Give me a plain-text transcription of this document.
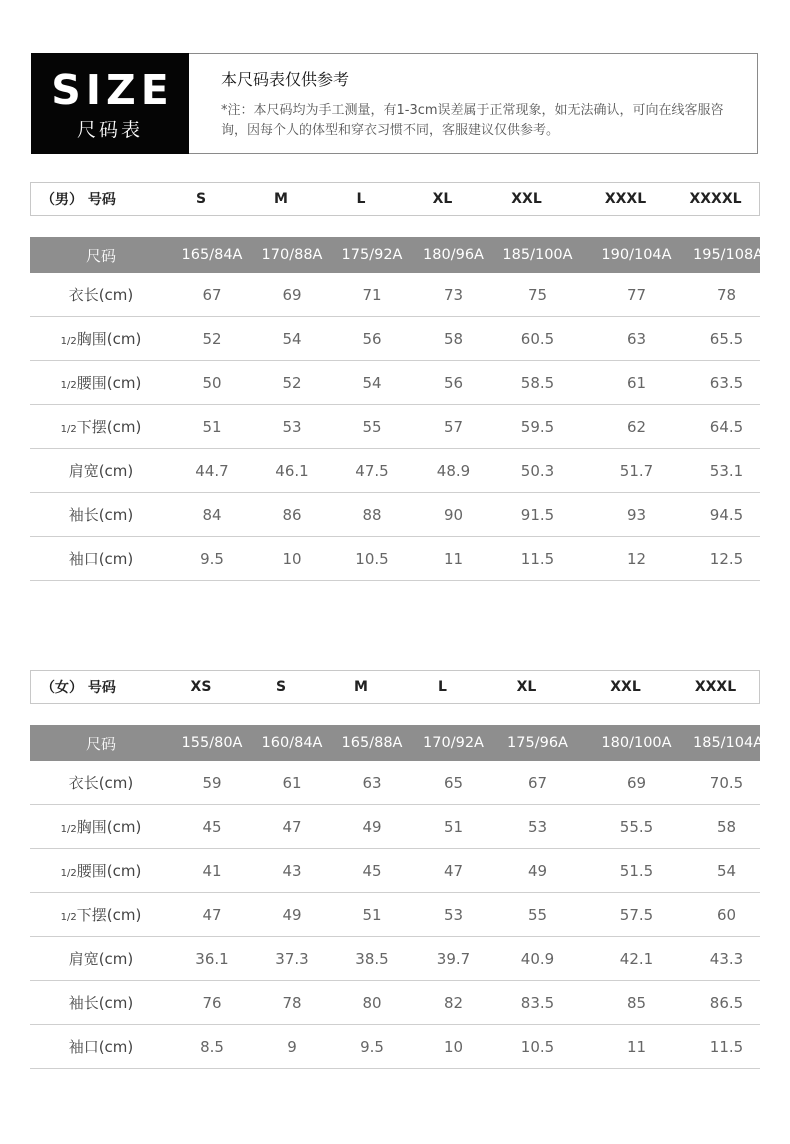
SIZE
尺码表
本尺码表仅供参考
*注：本尺码均为手工测量，有1-3cm误差属于正常现象，如无法确认，可向在线客服咨询，因每个人的体型和穿衣习惯不同，客服建议仅供参考。
（男） 号码	S	M	L	XL	XXL	XXXL	XXXXL
尺码	165/84A	170/88A	175/92A	180/96A	185/100A	190/104A	195/108A
衣长(cm)	67	69	71	73	75	77	78
1/2胸围(cm)	52	54	56	58	60.5	63	65.5
1/2腰围(cm)	50	52	54	56	58.5	61	63.5
1/2下摆(cm)	51	53	55	57	59.5	62	64.5
肩宽(cm)	44.7	46.1	47.5	48.9	50.3	51.7	53.1
袖长(cm)	84	86	88	90	91.5	93	94.5
袖口(cm)	9.5	10	10.5	11	11.5	12	12.5
（女） 号码	XS	S	M	L	XL	XXL	XXXL
尺码	155/80A	160/84A	165/88A	170/92A	175/96A	180/100A	185/104A
衣长(cm)	59	61	63	65	67	69	70.5
1/2胸围(cm)	45	47	49	51	53	55.5	58
1/2腰围(cm)	41	43	45	47	49	51.5	54
1/2下摆(cm)	47	49	51	53	55	57.5	60
肩宽(cm)	36.1	37.3	38.5	39.7	40.9	42.1	43.3
袖长(cm)	76	78	80	82	83.5	85	86.5
袖口(cm)	8.5	9	9.5	10	10.5	11	11.5
